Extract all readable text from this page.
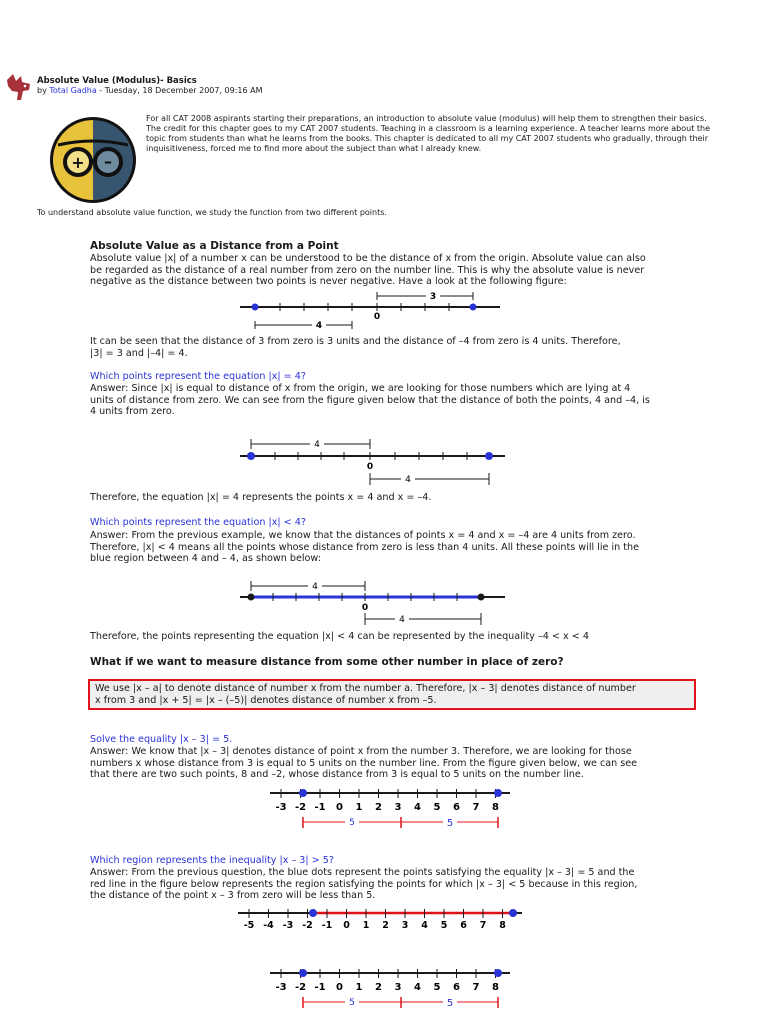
Absolute Value (Modulus)- Basics
by Total Gadha - Tuesday, 18 December 2007, 09:16 AM
+ –
For all CAT 2008 aspirants starting their preparations, an introduction to absolute value (modulus) will help them to strengthen their basics.
The credit for this chapter goes to my CAT 2007 students. Teaching in a classroom is a learning experience. A teacher learns more about the
topic from students than what he learns from the books. This chapter is dedicated to all my CAT 2007 students who gradually, through their
inquisitiveness, forced me to find more about the subject than what I already knew.
To understand absolute value function, we study the function from two different points.
Absolute Value as a Distance from a Point
Absolute value |x| of a number x can be understood to be the distance of x from the origin. Absolute value can also
be regarded as the distance of a real number from zero on the number line. This is why the absolute value is never
negative as the distance between two points is never negative. Have a look at the following figure:
3
0
4
It can be seen that the distance of 3 from zero is 3 units and the distance of –4 from zero is 4 units. Therefore,
|3| = 3 and |–4| = 4.
Which points represent the equation |x| = 4?
Answer: Since |x| is equal to distance of x from the origin, we are looking for those numbers which are lying at 4
units of distance from zero. We can see from the figure given below that the distance of both the points, 4 and –4, is
4 units from zero.
4
0
4
Therefore, the equation |x| = 4 represents the points x = 4 and x = –4.
Which points represent the equation |x| < 4?
Answer: From the previous example, we know that the distances of points x = 4 and x = –4 are 4 units from zero.
Therefore, |x| < 4 means all the points whose distance from zero is less than 4 units. All these points will lie in the
blue region between 4 and – 4, as shown below:
4
0
4
Therefore, the points representing the equation |x| < 4 can be represented by the inequality –4 < x < 4
What if we want to measure distance from some other number in place of zero?
We use |x – a| to denote distance of number x from the number a. Therefore, |x – 3| denotes distance of number
x from 3 and |x + 5| = |x – (–5)| denotes distance of number x from –5.
Solve the equality |x – 3| = 5.
Answer: We know that |x – 3| denotes distance of point x from the number 3. Therefore, we are looking for those
numbers x whose distance from 3 is equal to 5 units on the number line. From the figure given below, we can see
that there are two such points, 8 and –2, whose distance from 3 is equal to 5 units on the number line.
-3 -2 -1 0 1 2 3 4 5 6 7 8
5	5
Which region represents the inequality |x – 3| > 5?
Answer: From the previous question, the blue dots represent the points satisfying the equality |x – 3| = 5 and the
red line in the figure below represents the region satisfying the points for which |x – 3| < 5 because in this region,
the distance of the point x – 3 from zero will be less than 5.
-5 -4 -3 -2 -1 0 1 2 3 4 5 6 7 8
-3 -2 -1 0 1 2 3 4 5 6 7 8
5	5
